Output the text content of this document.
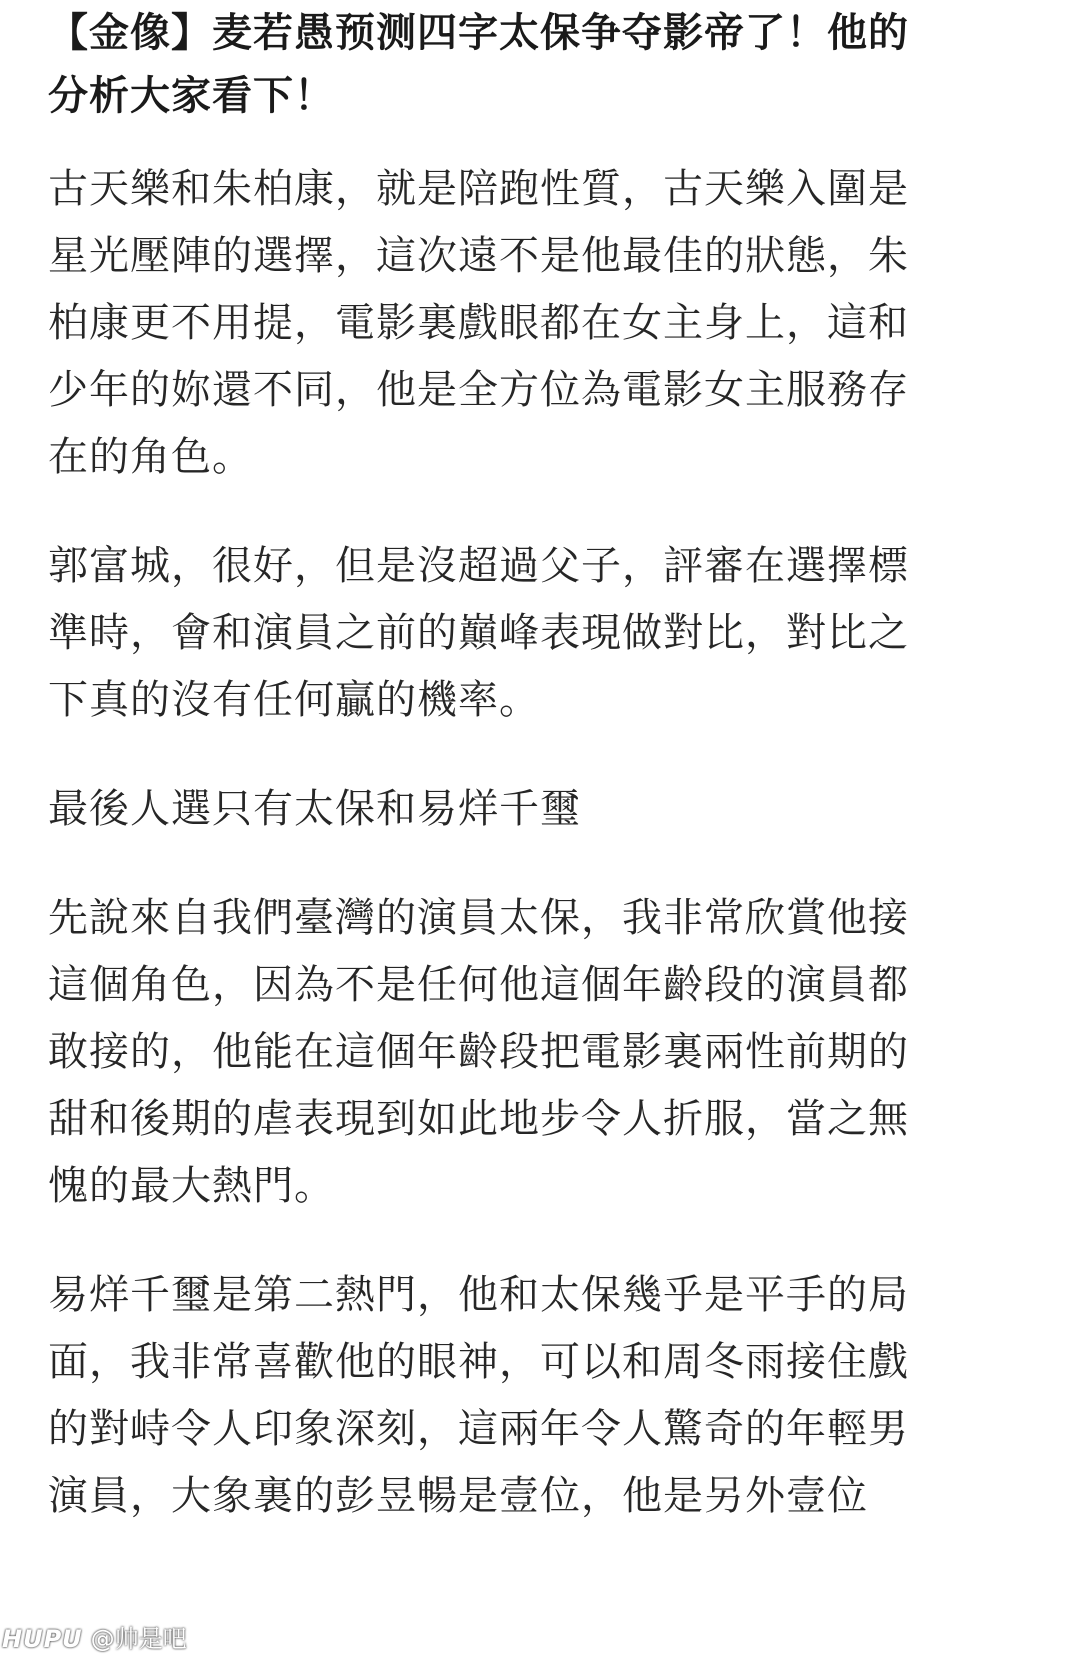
【金像】麦若愚预测四字太保争夺影帝了！他的分析大家看下！

古天樂和朱柏康，就是陪跑性質，古天樂入圍是星光壓陣的選擇，這次遠不是他最佳的狀態，朱柏康更不用提，電影裏戲眼都在女主身上，這和少年的妳還不同，他是全方位為電影女主服務存在的角色。

郭富城，很好，但是沒超過父子，評審在選擇標準時，會和演員之前的巔峰表現做對比，對比之下真的沒有任何贏的機率。

最後人選只有太保和易烊千璽

先說來自我們臺灣的演員太保，我非常欣賞他接這個角色，因為不是任何他這個年齡段的演員都敢接的，他能在這個年齡段把電影裏兩性前期的甜和後期的虐表現到如此地步令人折服，當之無愧的最大熱門。

易烊千璽是第二熱門，他和太保幾乎是平手的局面，我非常喜歡他的眼神，可以和周冬雨接住戲的對峙令人印象深刻，這兩年令人驚奇的年輕男演員，大象裏的彭昱暢是壹位，他是另外壹位

HUPU @帅是吧
